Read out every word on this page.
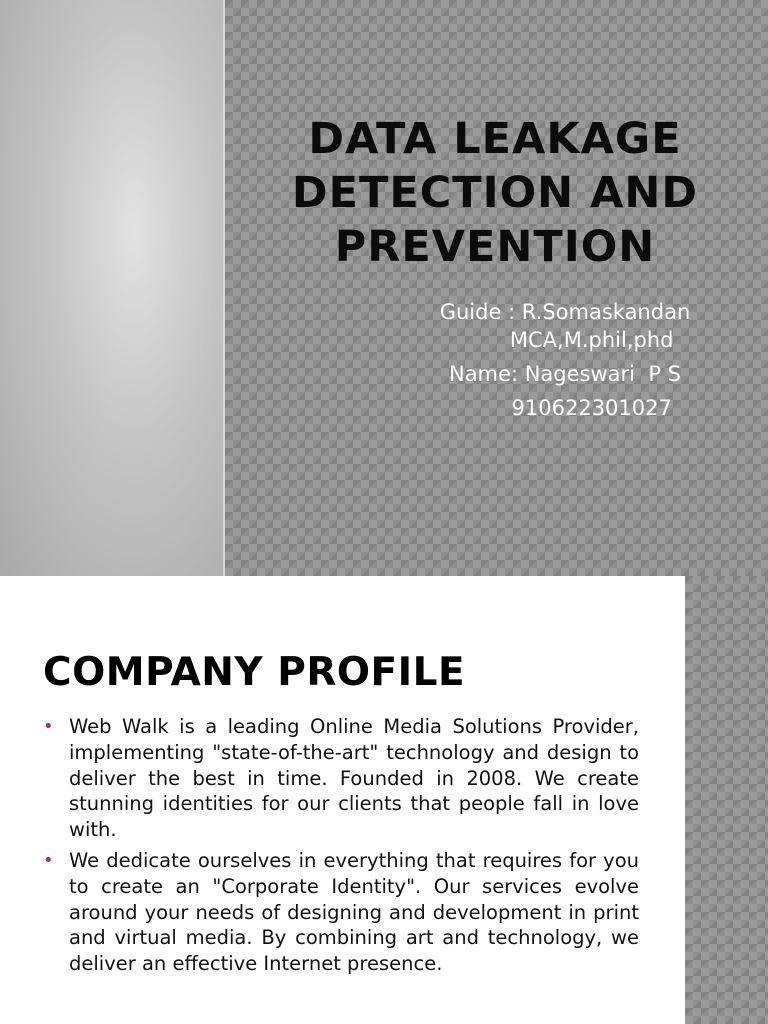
DATA LEAKAGE DETECTION AND PREVENTION
Guide : R.Somaskandan
MCA,M.phil,phd
Name: Nageswari  P S
910622301027
COMPANY PROFILE
• Web Walk is a leading Online Media Solutions Provider, implementing "state-of-the-art" technology and design to deliver the best in time. Founded in 2008. We create stunning identities for our clients that people fall in love with.
• We dedicate ourselves in everything that requires for you to create an "Corporate Identity". Our services evolve around your needs of designing and development in print and virtual media. By combining art and technology, we deliver an effective Internet presence.
